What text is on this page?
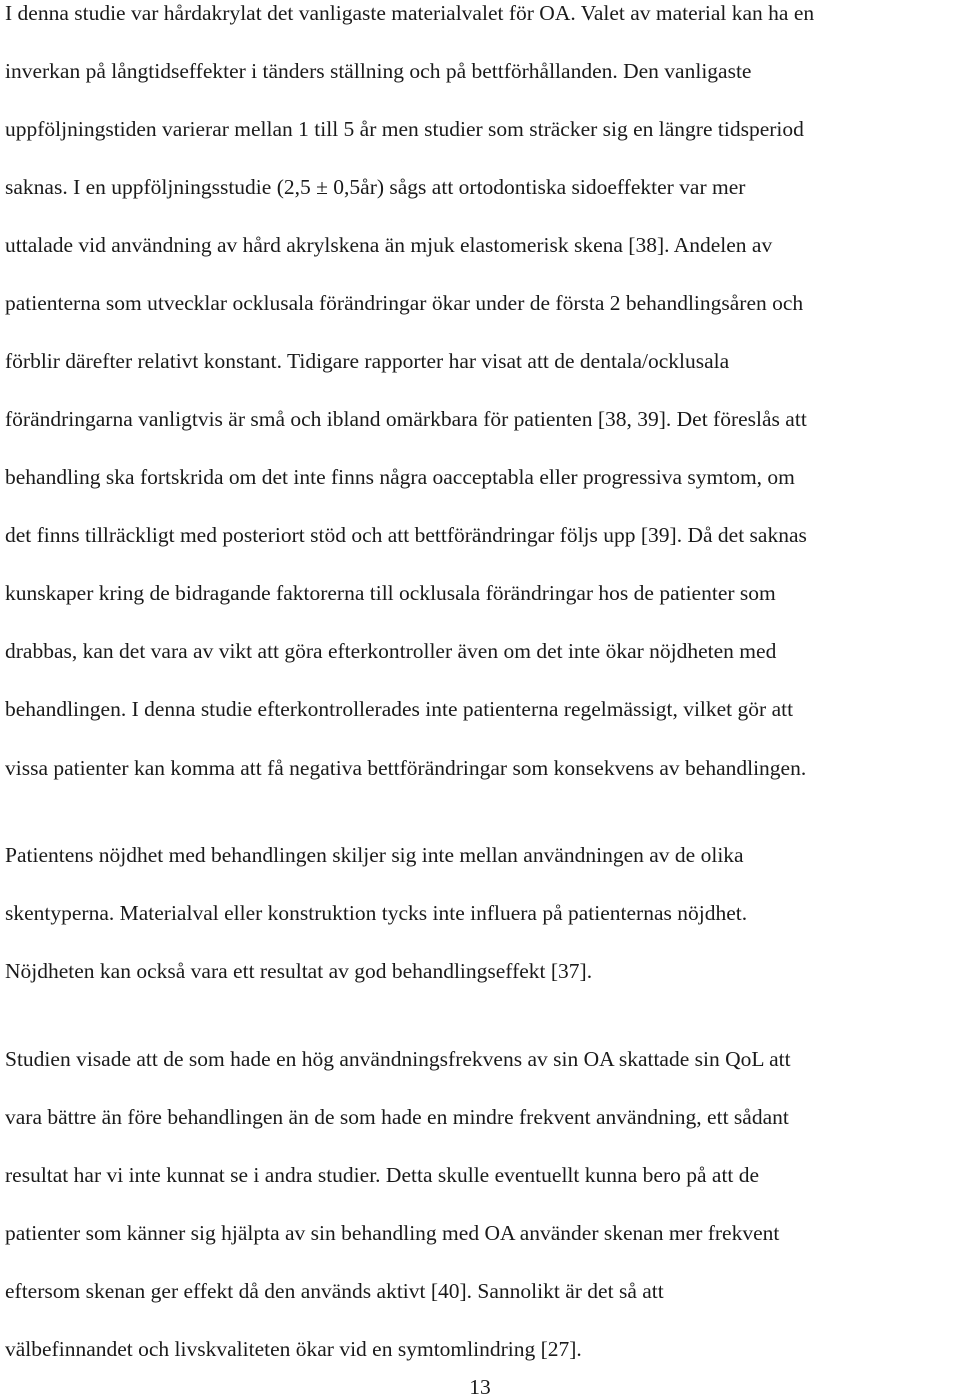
I denna studie var hårdakrylat det vanligaste materialvalet för OA. Valet av material kan ha en
inverkan på långtidseffekter i tänders ställning och på bettförhållanden. Den vanligaste
uppföljningstiden varierar mellan 1 till 5 år men studier som sträcker sig en längre tidsperiod
saknas. I en uppföljningsstudie (2,5 ± 0,5år) sågs att ortodontiska sidoeffekter var mer
uttalade vid användning av hård akrylskena än mjuk elastomerisk skena [38]. Andelen av
patienterna som utvecklar ocklusala förändringar ökar under de första 2 behandlingsåren och
förblir därefter relativt konstant. Tidigare rapporter har visat att de dentala/ocklusala
förändringarna vanligtvis är små och ibland omärkbara för patienten [38, 39]. Det föreslås att
behandling ska fortskrida om det inte finns några oacceptabla eller progressiva symtom, om
det finns tillräckligt med posteriort stöd och att bettförändringar följs upp [39]. Då det saknas
kunskaper kring de bidragande faktorerna till ocklusala förändringar hos de patienter som
drabbas, kan det vara av vikt att göra efterkontroller även om det inte ökar nöjdheten med
behandlingen. I denna studie efterkontrollerades inte patienterna regelmässigt, vilket gör att
vissa patienter kan komma att få negativa bettförändringar som konsekvens av behandlingen.
Patientens nöjdhet med behandlingen skiljer sig inte mellan användningen av de olika
skentyperna. Materialval eller konstruktion tycks inte influera på patienternas nöjdhet.
Nöjdheten kan också vara ett resultat av god behandlingseffekt [37].
Studien visade att de som hade en hög användningsfrekvens av sin OA skattade sin QoL att
vara bättre än före behandlingen än de som hade en mindre frekvent användning, ett sådant
resultat har vi inte kunnat se i andra studier. Detta skulle eventuellt kunna bero på att de
patienter som känner sig hjälpta av sin behandling med OA använder skenan mer frekvent
eftersom skenan ger effekt då den används aktivt [40]. Sannolikt är det så att
välbefinnandet och livskvaliteten ökar vid en symtomlindring [27].
13
